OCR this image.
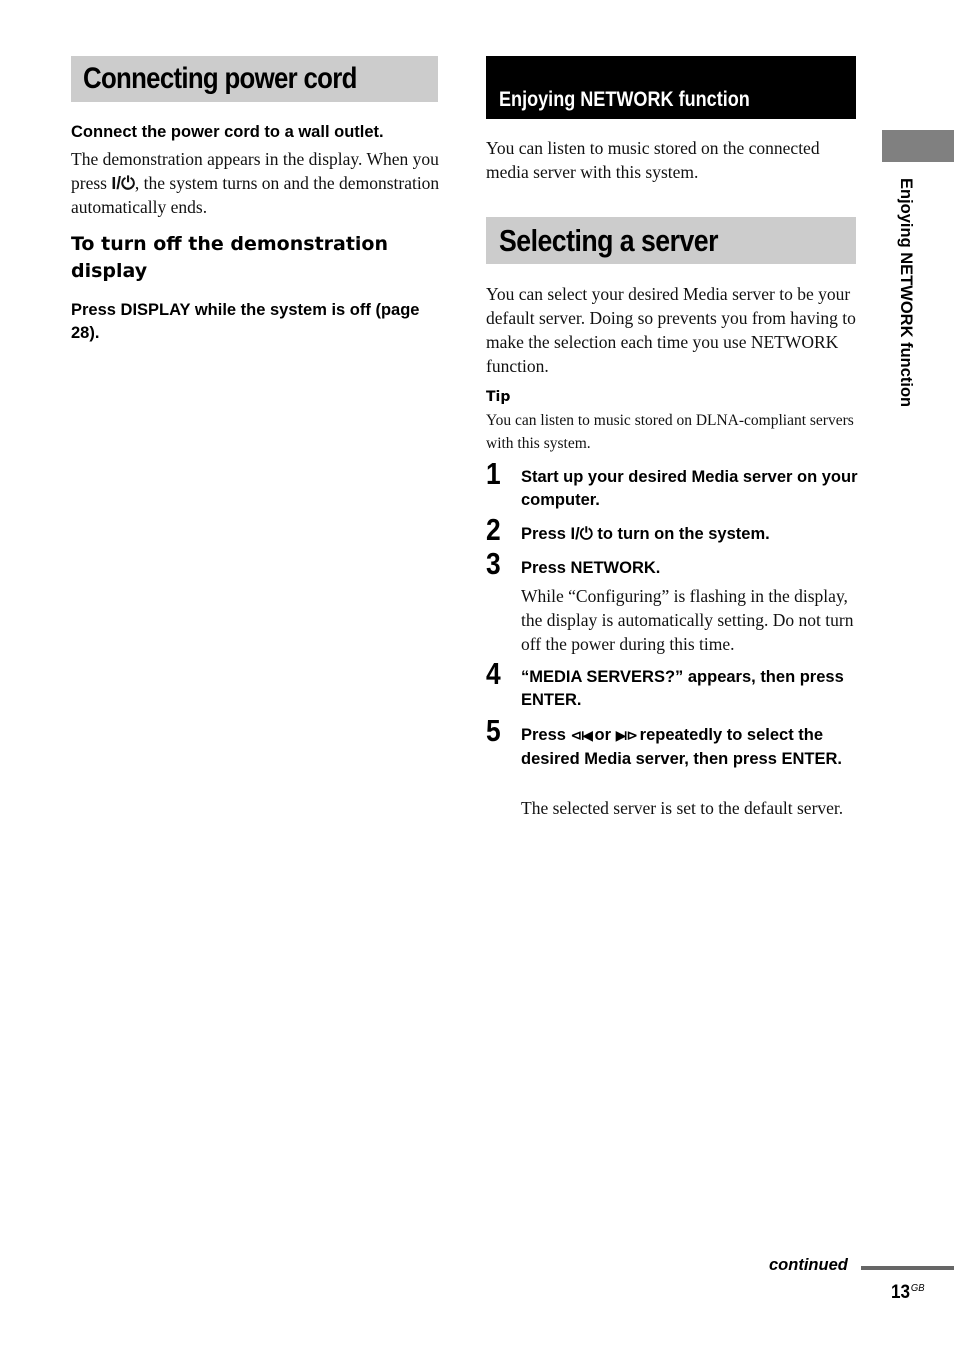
Connecting power cord
Connect the power cord to a wall outlet.
The demonstration appears in the display. When you press I/⏻, the system turns on and the demonstration automatically ends.
To turn off the demonstration display
Press DISPLAY while the system is off (page 28).
Enjoying NETWORK function
You can listen to music stored on the connected media server with this system.
Selecting a server
You can select your desired Media server to be your default server. Doing so prevents you from having to make the selection each time you use NETWORK function.
Tip
You can listen to music stored on DLNA-compliant servers with this system.
1	Start up your desired Media server on your computer.
2	Press I/⏻ to turn on the system.
3	Press NETWORK.
While “Configuring” is flashing in the display, the display is automatically setting. Do not turn off the power during this time.
4	“MEDIA SERVERS?” appears, then press ENTER.
5	Press ⧏◀ or ▶⧐ repeatedly to select the desired Media server, then press ENTER.
The selected server is set to the default server.
Enjoying NETWORK function
continued
$13^{GB}$
